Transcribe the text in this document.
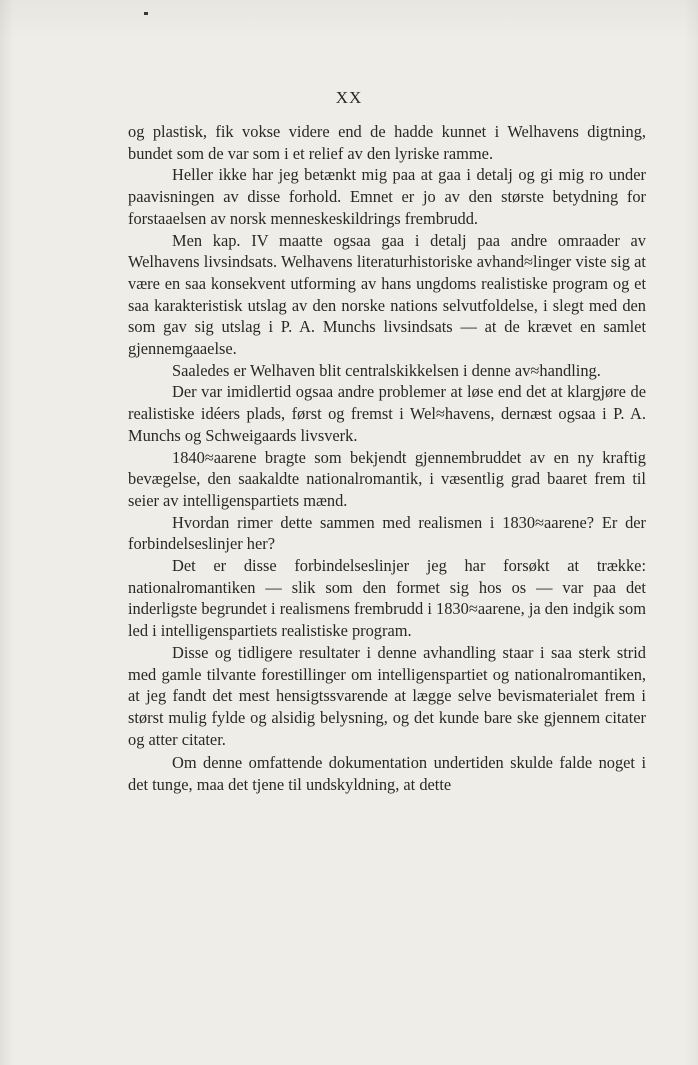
XX

og plastisk, fik vokse videre end de hadde kunnet i Welhavens digtning, bundet som de var som i et relief av den lyriske ramme.

Heller ikke har jeg betænkt mig paa at gaa i detalj og gi mig ro under paavisningen av disse forhold. Emnet er jo av den største betydning for forstaaelsen av norsk menneskeskildrings frembrudd.

Men kap. IV maatte ogsaa gaa i detalj paa andre omraader av Welhavens livsindsats. Welhavens literaturhistoriske avhand≈linger viste sig at være en saa konsekvent utforming av hans ungdoms realistiske program og et saa karakteristisk utslag av den norske nations selvutfoldelse, i slegt med den som gav sig utslag i P. A. Munchs livsindsats — at de krævet en samlet gjennemgaaelse.

Saaledes er Welhaven blit centralskikkelsen i denne av≈handling.

Der var imidlertid ogsaa andre problemer at løse end det at klargjøre de realistiske idéers plads, først og fremst i Wel≈havens, dernæst ogsaa i P. A. Munchs og Schweigaards livsverk.

1840≈aarene bragte som bekjendt gjennembruddet av en ny kraftig bevægelse, den saakaldte nationalromantik, i væsentlig grad baaret frem til seier av intelligenspartiets mænd.

Hvordan rimer dette sammen med realismen i 1830≈aarene? Er der forbindelseslinjer her?

Det er disse forbindelseslinjer jeg har forsøkt at trække: nationalromantiken — slik som den formet sig hos os — var paa det inderligste begrundet i realismens frembrudd i 1830≈aarene, ja den indgik som led i intelligenspartiets realistiske program.

Disse og tidligere resultater i denne avhandling staar i saa sterk strid med gamle tilvante forestillinger om intelligenspartiet og nationalromantiken, at jeg fandt det mest hensigtssvarende at lægge selve bevismaterialet frem i størst mulig fylde og alsidig belysning, og det kunde bare ske gjennem citater og atter citater.

Om denne omfattende dokumentation undertiden skulde falde noget i det tunge, maa det tjene til undskyldning, at dette
